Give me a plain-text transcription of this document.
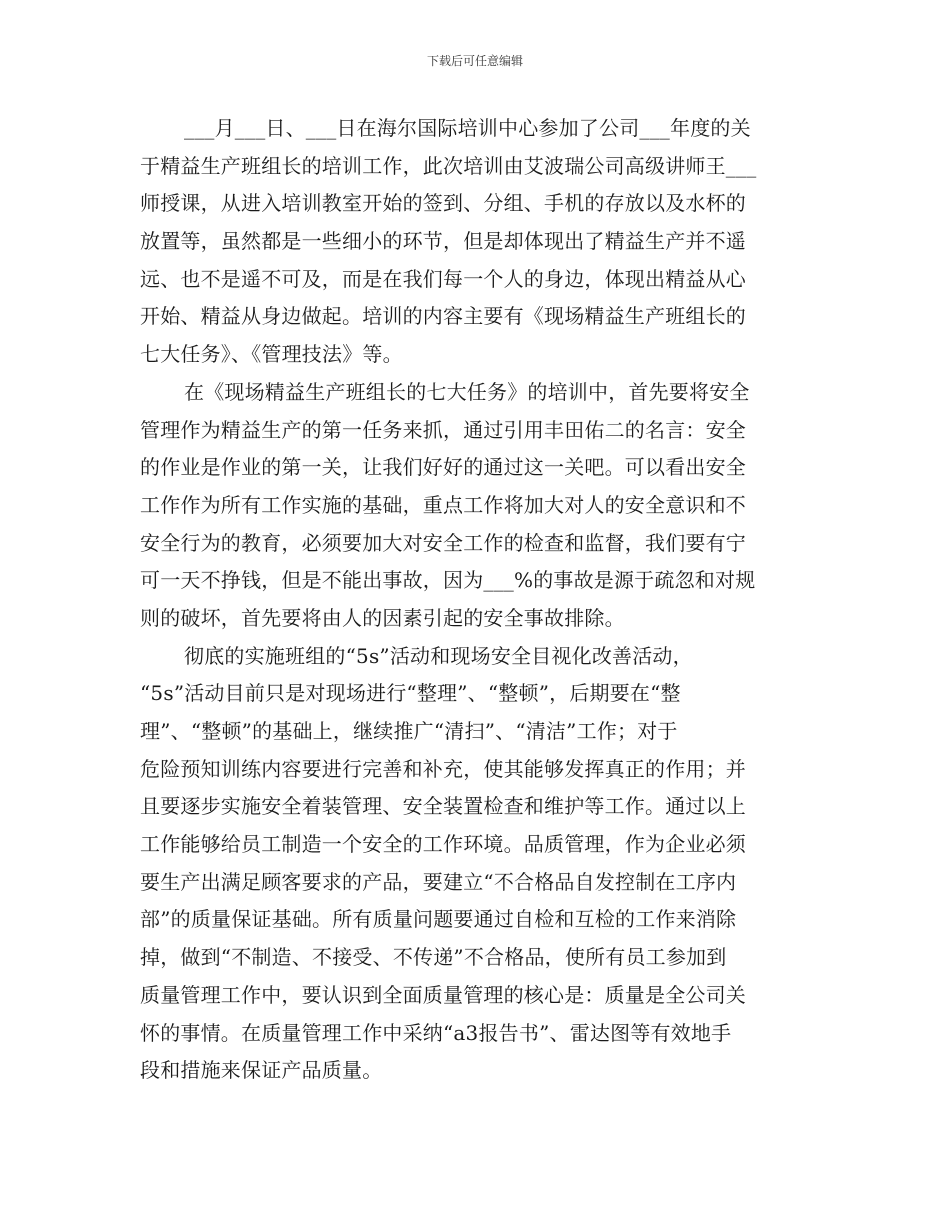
下载后可任意编辑
___月___日、___日在海尔国际培训中心参加了公司___年度的关
于精益生产班组长的培训工作，此次培训由艾波瑞公司高级讲师王___
师授课，从进入培训教室开始的签到、分组、手机的存放以及水杯的
放置等，虽然都是一些细小的环节，但是却体现出了精益生产并不遥
远、也不是遥不可及，而是在我们每一个人的身边，体现出精益从心
开始、精益从身边做起。培训的内容主要有《现场精益生产班组长的
七大任务》、《管理技法》等。
在《现场精益生产班组长的七大任务》的培训中，首先要将安全
管理作为精益生产的第一任务来抓，通过引用丰田佑二的名言：安全
的作业是作业的第一关，让我们好好的通过这一关吧。可以看出安全
工作作为所有工作实施的基础，重点工作将加大对人的安全意识和不
安全行为的教育，必须要加大对安全工作的检查和监督，我们要有宁
可一天不挣钱，但是不能出事故，因为___%的事故是源于疏忽和对规
则的破坏，首先要将由人的因素引起的安全事故排除。
彻底的实施班组的“5s”活动和现场安全目视化改善活动，
“5s”活动目前只是对现场进行“整理”、“整顿”，后期要在“整
理”、“整顿”的基础上，继续推广“清扫”、“清洁”工作；对于
危险预知训练内容要进行完善和补充，使其能够发挥真正的作用；并
且要逐步实施安全着装管理、安全装置检查和维护等工作。通过以上
工作能够给员工制造一个安全的工作环境。品质管理，作为企业必须
要生产出满足顾客要求的产品，要建立“不合格品自发控制在工序内
部”的质量保证基础。所有质量问题要通过自检和互检的工作来消除
掉，做到“不制造、不接受、不传递”不合格品，使所有员工参加到
质量管理工作中，要认识到全面质量管理的核心是：质量是全公司关
怀的事情。在质量管理工作中采纳“a3报告书”、雷达图等有效地手
段和措施来保证产品质量。
